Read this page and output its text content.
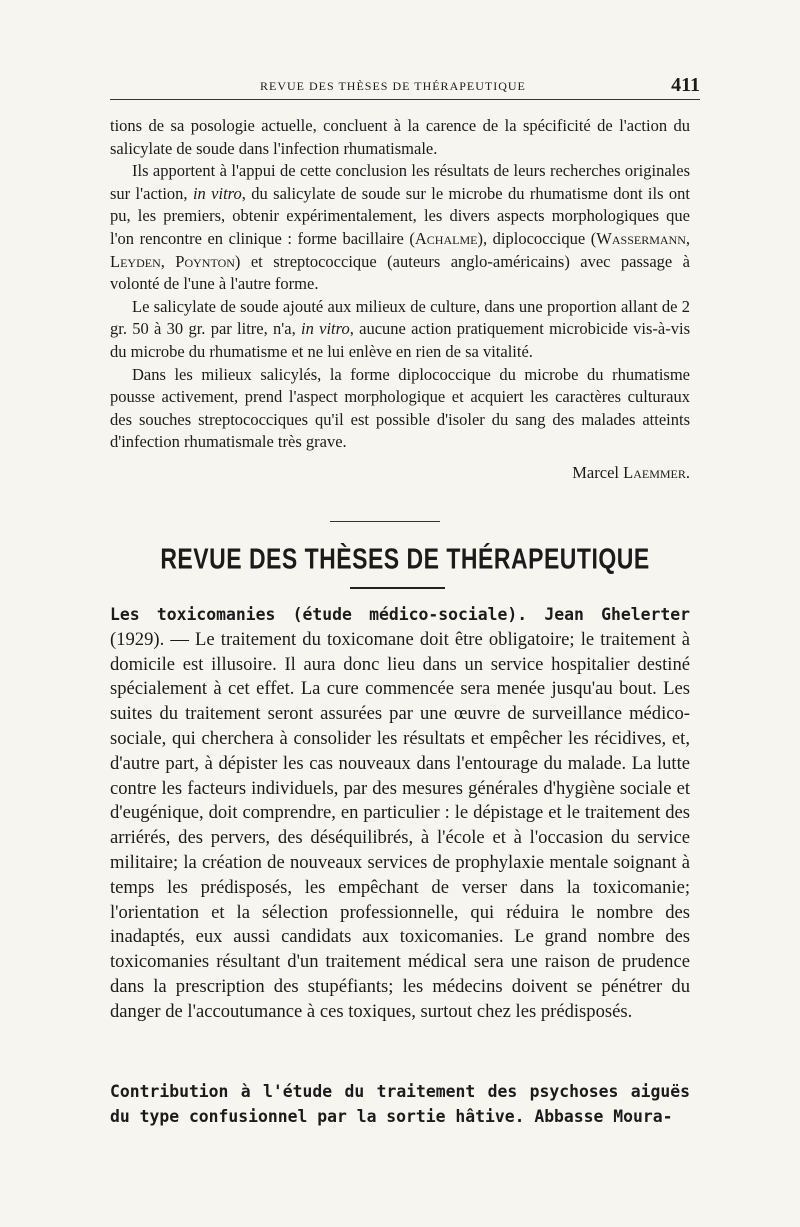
REVUE DES THÈSES DE THÉRAPEUTIQUE	411

tions de sa posologie actuelle, concluent à la carence de la spécificité de l'action du salicylate de soude dans l'infection rhumatismale.

Ils apportent à l'appui de cette conclusion les résultats de leurs recherches originales sur l'action, in vitro, du salicylate de soude sur le microbe du rhumatisme dont ils ont pu, les premiers, obtenir expérimentalement, les divers aspects morphologiques que l'on rencontre en clinique : forme bacillaire (Achalme), diplococcique (Wassermann, Leyden, Poynton) et streptococcique (auteurs anglo-américains) avec passage à volonté de l'une à l'autre forme.

Le salicylate de soude ajouté aux milieux de culture, dans une proportion allant de 2 gr. 50 à 30 gr. par litre, n'a, in vitro, aucune action pratiquement microbicide vis-à-vis du microbe du rhumatisme et ne lui enlève en rien de sa vitalité.

Dans les milieux salicylés, la forme diplococcique du microbe du rhumatisme pousse activement, prend l'aspect morphologique et acquiert les caractères culturaux des souches streptococciques qu'il est possible d'isoler du sang des malades atteints d'infection rhumatismale très grave.

Marcel Laemmer.

REVUE DES THÈSES DE THÉRAPEUTIQUE

Les toxicomanies (étude médico-sociale). Jean Ghelerter (1929). — Le traitement du toxicomane doit être obligatoire; le traitement à domicile est illusoire. Il aura donc lieu dans un service hospitalier destiné spécialement à cet effet. La cure commencée sera menée jusqu'au bout. Les suites du traitement seront assurées par une œuvre de surveillance médico-sociale, qui cherchera à consolider les résultats et empêcher les récidives, et, d'autre part, à dépister les cas nouveaux dans l'entourage du malade. La lutte contre les facteurs individuels, par des mesures générales d'hygiène sociale et d'eugénique, doit comprendre, en particulier : le dépistage et le traitement des arriérés, des pervers, des déséquilibrés, à l'école et à l'occasion du service militaire; la création de nouveaux services de prophylaxie mentale soignant à temps les prédisposés, les empêchant de verser dans la toxicomanie; l'orientation et la sélection professionnelle, qui réduira le nombre des inadaptés, eux aussi candidats aux toxicomanies. Le grand nombre des toxicomanies résultant d'un traitement médical sera une raison de prudence dans la prescription des stupéfiants; les médecins doivent se pénétrer du danger de l'accoutumance à ces toxiques, surtout chez les prédisposés.

Contribution à l'étude du traitement des psychoses aiguës du type confusionnel par la sortie hâtive. Abbasse Moura-
